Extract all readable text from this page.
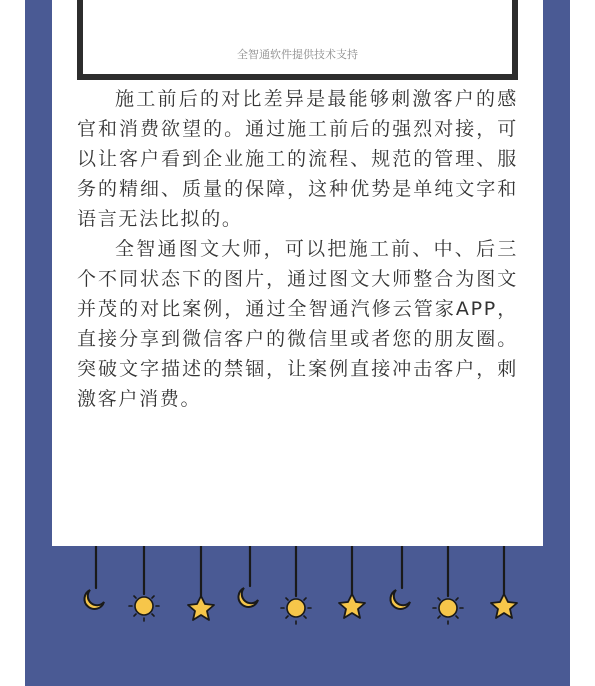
全智通软件提供技术支持

施工前后的对比差异是最能够刺激客户的感官和消费欲望的。通过施工前后的强烈对接，可以让客户看到企业施工的流程、规范的管理、服务的精细、质量的保障，这种优势是单纯文字和语言无法比拟的。

全智通图文大师，可以把施工前、中、后三个不同状态下的图片，通过图文大师整合为图文并茂的对比案例，通过全智通汽修云管家APP，直接分享到微信客户的微信里或者您的朋友圈。突破文字描述的禁锢，让案例直接冲击客户，刺激客户消费。
